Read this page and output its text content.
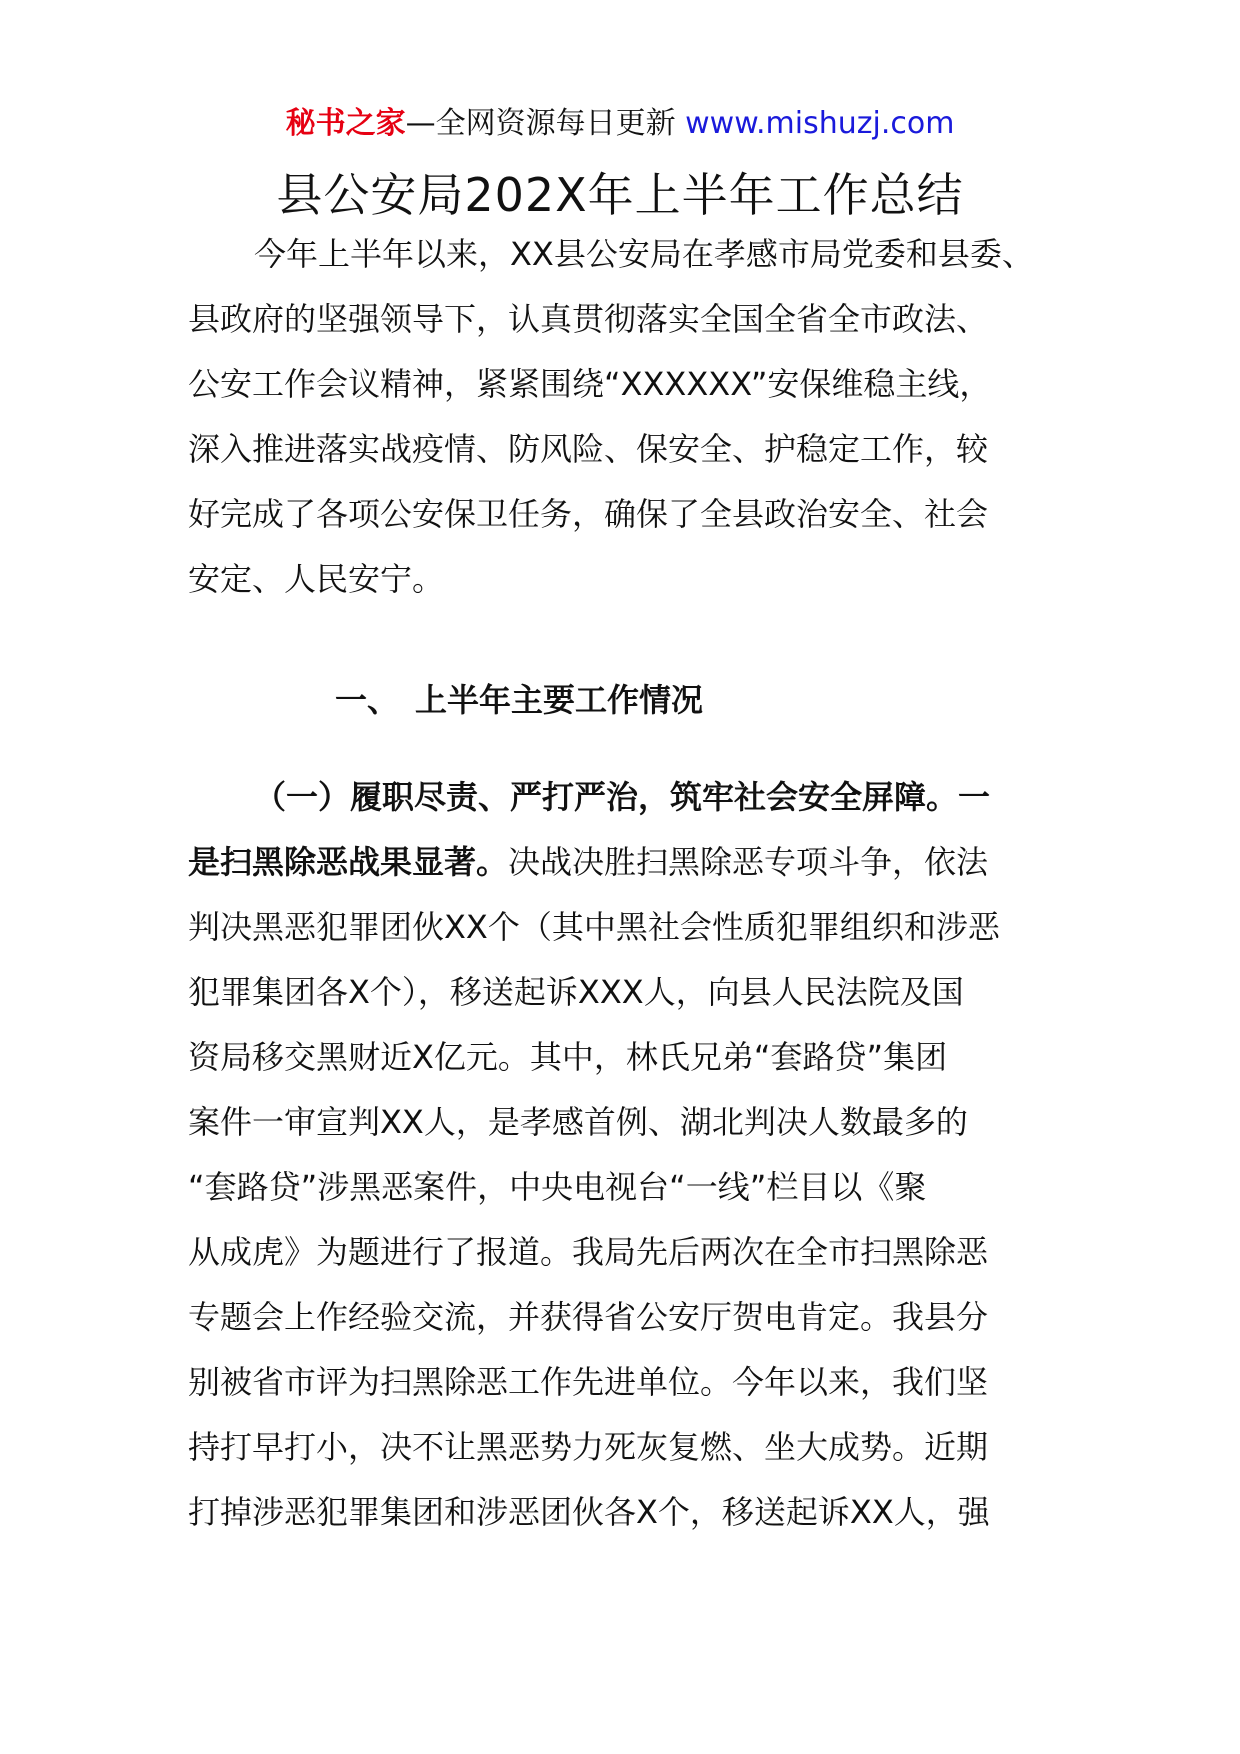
秘书之家—全网资源每日更新 www.mishuzj.com
县公安局202X年上半年工作总结
今年上半年以来，XX县公安局在孝感市局党委和县委、
县政府的坚强领导下，认真贯彻落实全国全省全市政法、
公安工作会议精神，紧紧围绕“XXXXXX”安保维稳主线，
深入推进落实战疫情、防风险、保安全、护稳定工作，较
好完成了各项公安保卫任务，确保了全县政治安全、社会
安定、人民安宁。
一、 上半年主要工作情况
（一）履职尽责、严打严治，筑牢社会安全屏障。一
是扫黑除恶战果显著。决战决胜扫黑除恶专项斗争，依法
判决黑恶犯罪团伙XX个（其中黑社会性质犯罪组织和涉恶
犯罪集团各X个），移送起诉XXX人，向县人民法院及国
资局移交黑财近X亿元。其中，林氏兄弟“套路贷”集团
案件一审宣判XX人，是孝感首例、湖北判决人数最多的
“套路贷”涉黑恶案件，中央电视台“一线”栏目以《聚
从成虎》为题进行了报道。我局先后两次在全市扫黑除恶
专题会上作经验交流，并获得省公安厅贺电肯定。我县分
别被省市评为扫黑除恶工作先进单位。今年以来，我们坚
持打早打小，决不让黑恶势力死灰复燃、坐大成势。近期
打掉涉恶犯罪集团和涉恶团伙各X个，移送起诉XX人，强
